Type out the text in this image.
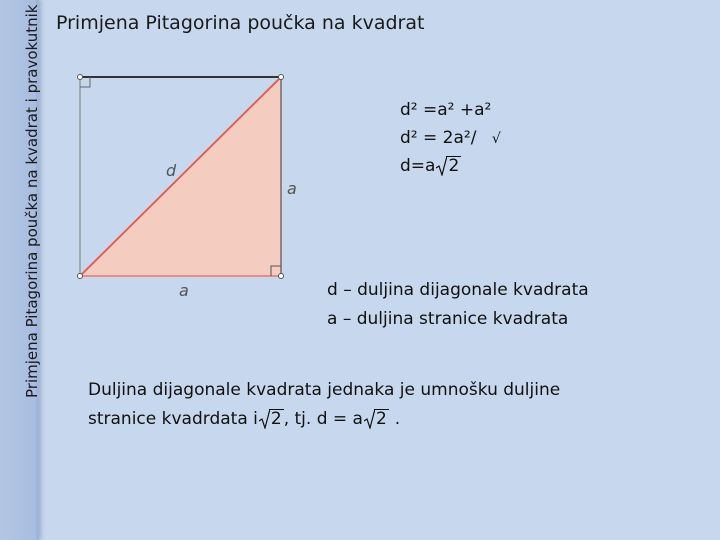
Primjena Pitagorina poučka na kvadrat i pravokutnik Primjena Pitagorina poučka na kvadrat
d
a
a
d² =a² +a²
d² = 2a²/ √
d=a 2
d – duljina dijagonale kvadrata
a – duljina stranice kvadrata
Duljina dijagonale kvadrata jednaka je umnošku duljine
stranice kvadrdata i 2 , tj. d = a 2 .
